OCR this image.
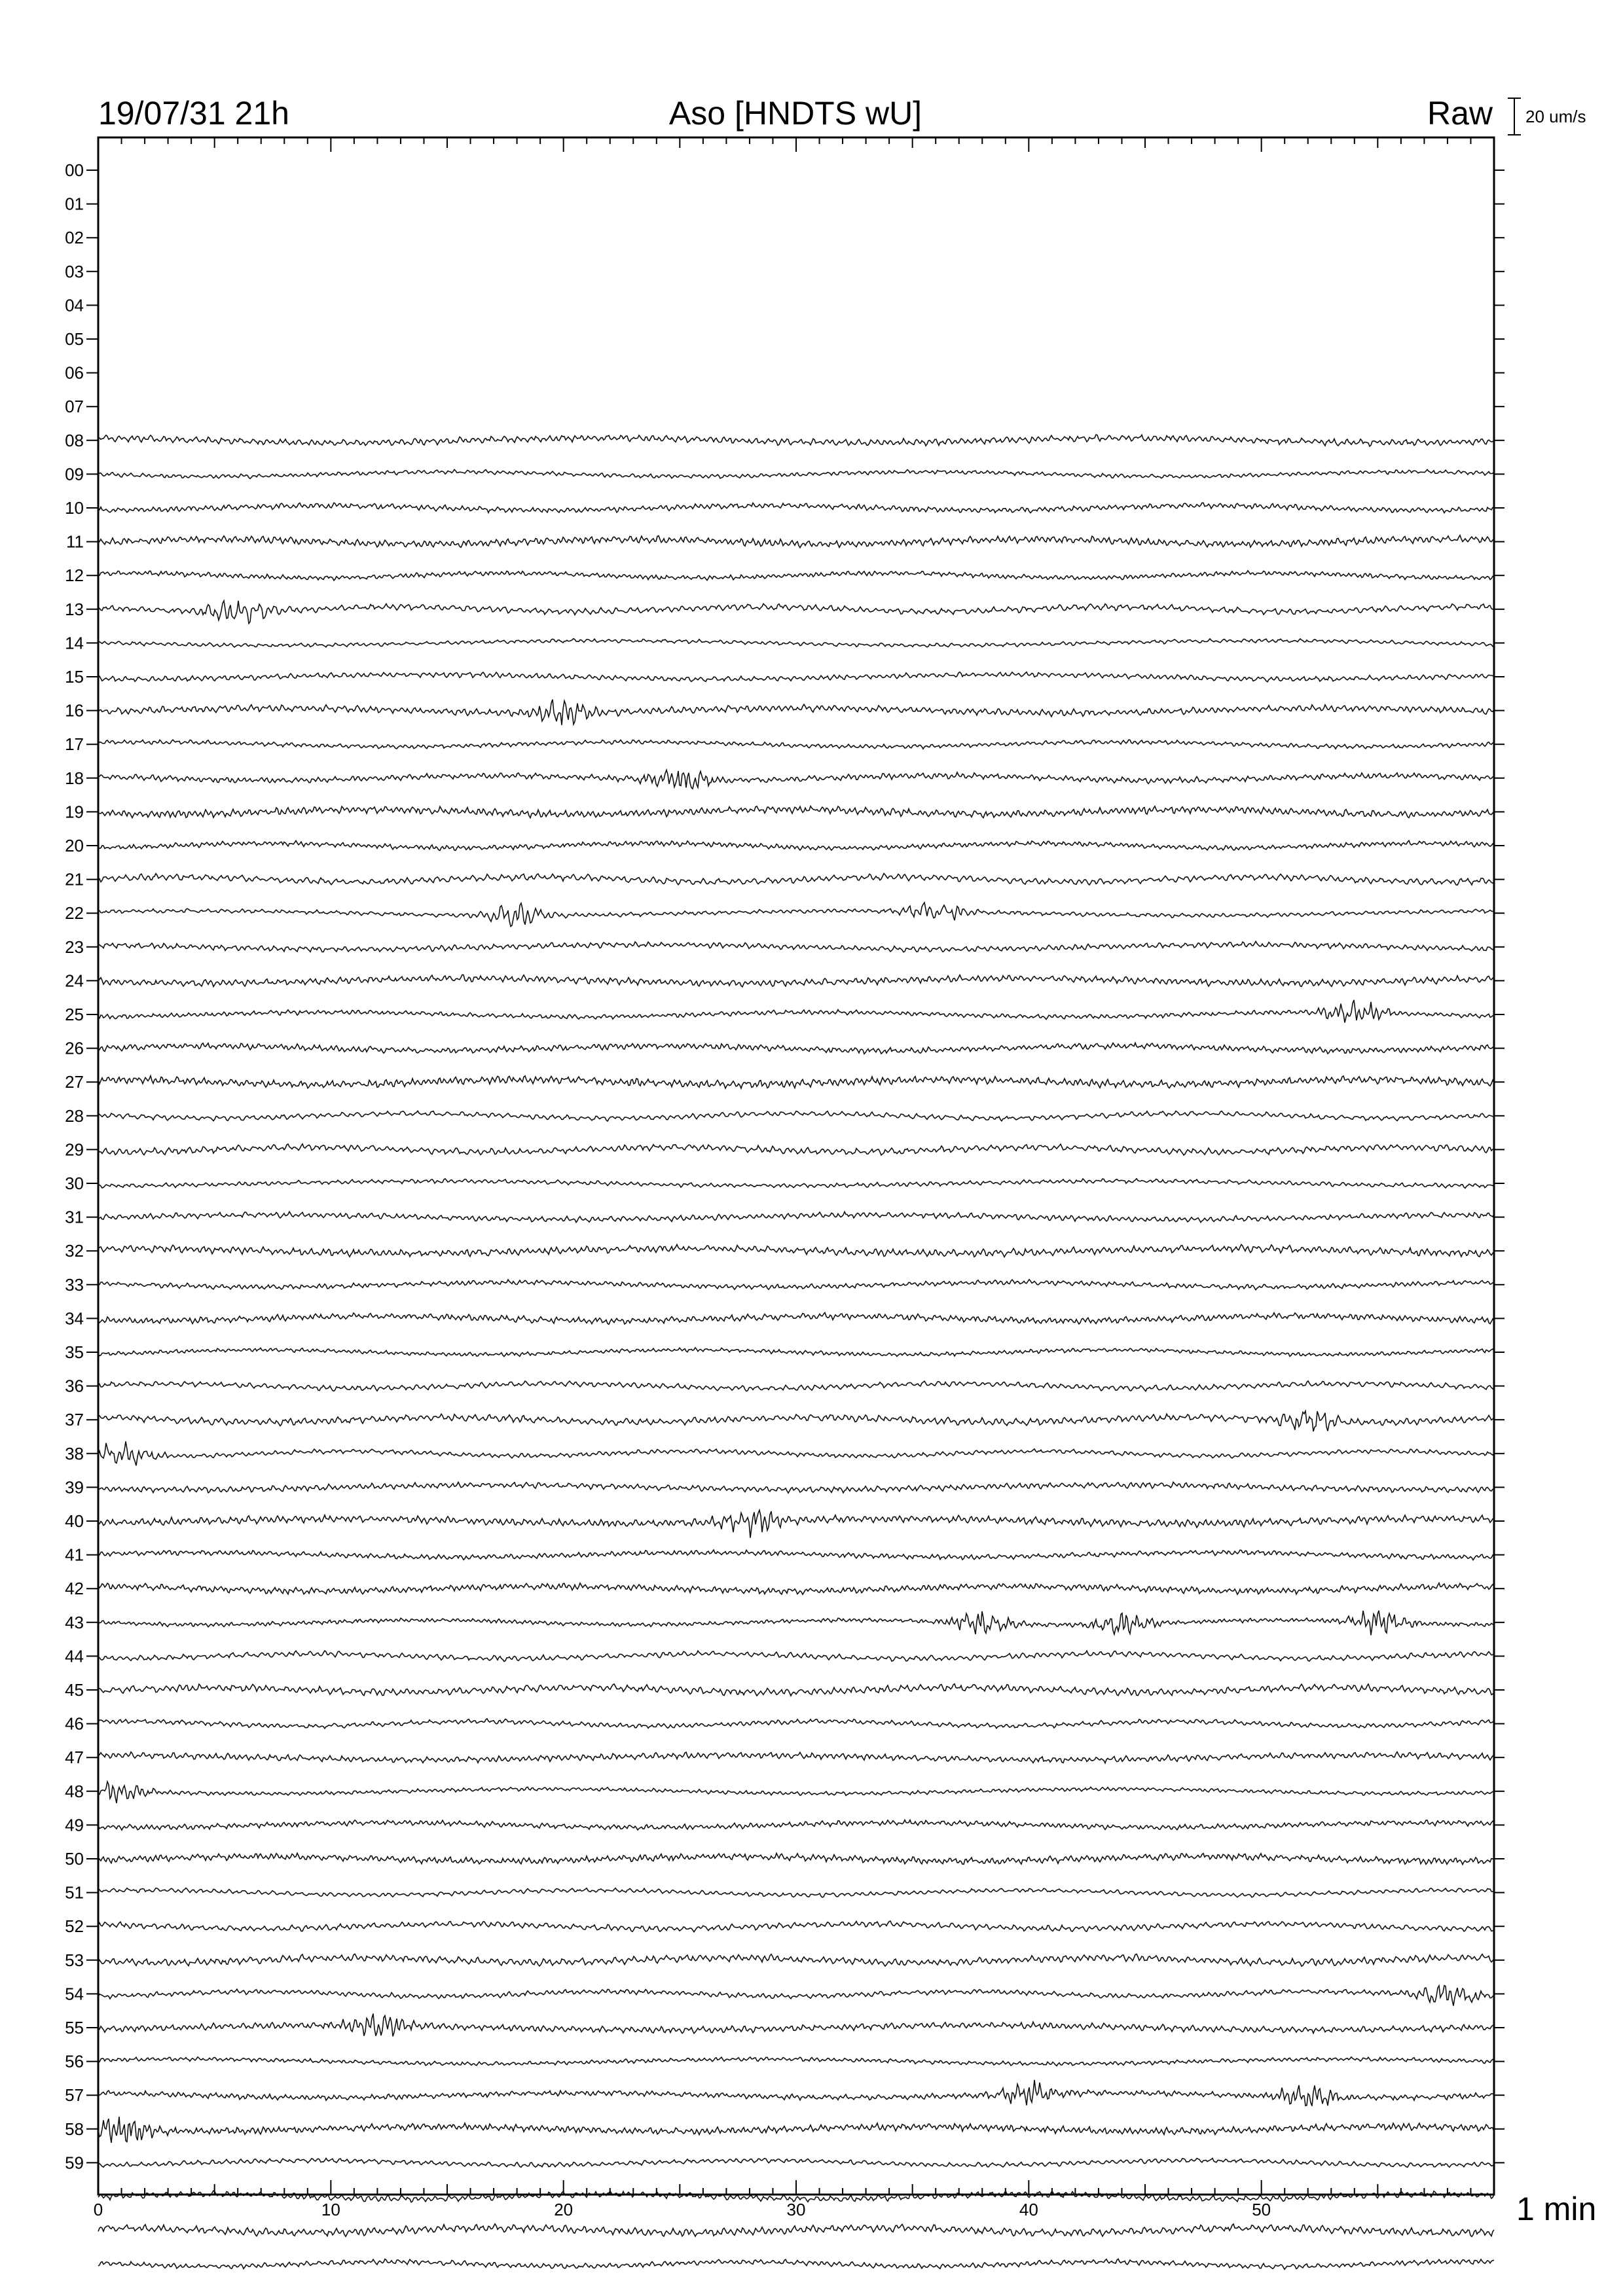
19/07/31 21h	Aso [HNDTS wU]	Raw 20 um/s
00
01
02
03
04
05
06
07
08
09
10
11
12
13
14
15
16
17
18
19
20
21
22
23
24
25
26
27
28
29
30
31
32
33
34
35
36
37
38
39
40
41
42
43
44
45
46
47
48
49
50
51
52
53
54
55
56
57
58
59
0	10	20	30	40	50	1 min
